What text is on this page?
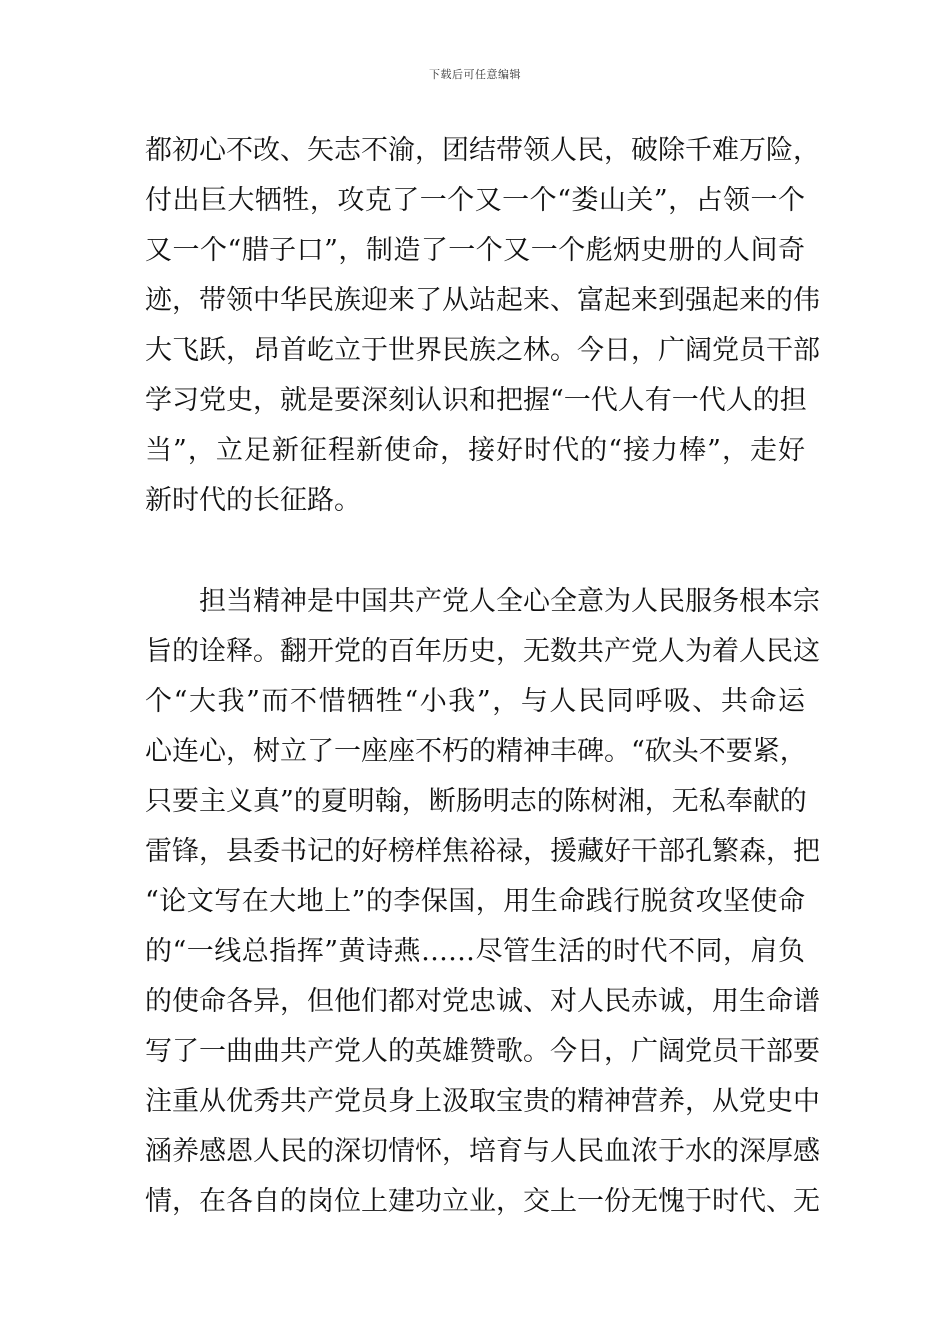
下载后可任意编辑
都初心不改、矢志不渝，团结带领人民，破除千难万险，
付出巨大牺牲，攻克了一个又一个“娄山关”，占领一个
又一个“腊子口”，制造了一个又一个彪炳史册的人间奇
迹，带领中华民族迎来了从站起来、富起来到强起来的伟
大飞跃，昂首屹立于世界民族之林。今日，广阔党员干部
学习党史，就是要深刻认识和把握“一代人有一代人的担
当”，立足新征程新使命，接好时代的“接力棒”，走好
新时代的长征路。
担当精神是中国共产党人全心全意为人民服务根本宗
旨的诠释。翻开党的百年历史，无数共产党人为着人民这
个“大我”而不惜牺牲“小我”，与人民同呼吸、共命运
心连心，树立了一座座不朽的精神丰碑。“砍头不要紧，
只要主义真”的夏明翰，断肠明志的陈树湘，无私奉献的
雷锋，县委书记的好榜样焦裕禄，援藏好干部孔繁森，把
“论文写在大地上”的李保国，用生命践行脱贫攻坚使命
的“一线总指挥”黄诗燕……尽管生活的时代不同，肩负
的使命各异，但他们都对党忠诚、对人民赤诚，用生命谱
写了一曲曲共产党人的英雄赞歌。今日，广阔党员干部要
注重从优秀共产党员身上汲取宝贵的精神营养，从党史中
涵养感恩人民的深切情怀，培育与人民血浓于水的深厚感
情，在各自的岗位上建功立业，交上一份无愧于时代、无
